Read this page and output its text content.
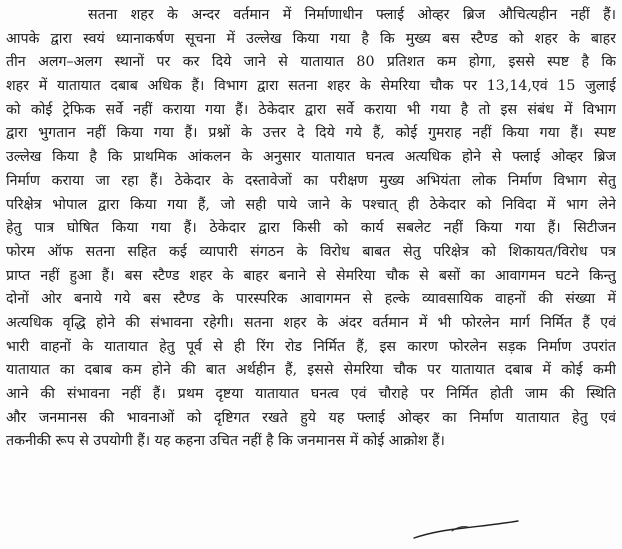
सतना शहर के अन्दर वर्तमान में निर्माणाधीन फ्लाई ओव्हर ब्रिज औचित्यहीन नहीं हैं।
आपके द्वारा स्वयं ध्यानाकर्षण सूचना में उल्लेख किया गया है कि मुख्य बस स्टैण्ड को शहर के बाहर
तीन अलग–अलग स्थानों पर कर दिये जाने से यातायात 80 प्रतिशत कम होगा, इससे स्पष्ट है कि
शहर में यातायात दबाब अधिक हैं। विभाग द्वारा सतना शहर के सेमरिया चौक पर 13,14,एवं 15 जुलाई
को कोई ट्रेफिक सर्वे नहीं कराया गया हैं। ठेकेदार द्वारा सर्वे कराया भी गया है तो इस संबंध में विभाग
द्वारा भुगतान नहीं किया गया हैं। प्रश्नों के उत्तर दे दिये गये हैं, कोई गुमराह नहीं किया गया हैं। स्पष्ट
उल्लेख किया है कि प्राथमिक आंकलन के अनुसार यातायात घनत्व अत्यधिक होने से फ्लाई ओव्हर ब्रिज
निर्माण कराया जा रहा हैं। ठेकेदार के दस्तावेजों का परीक्षण मुख्य अभियंता लोक निर्माण विभाग सेतु
परिक्षेत्र भोपाल द्वारा किया गया हैं, जो सही पाये जाने के पश्चात् ही ठेकेदार को निविदा में भाग लेने
हेतु पात्र घोषित किया गया हैं। ठेकेदार द्वारा किसी को कार्य सबलेट नहीं किया गया हैं। सिटीजन
फोरम ऑफ सतना सहित कई व्यापारी संगठन के विरोध बाबत सेतु परिक्षेत्र को शिकायत/विरोध पत्र
प्राप्त नहीं हुआ हैं। बस स्टैण्ड शहर के बाहर बनाने से सेमरिया चौक से बसों का आवागमन घटने किन्तु
दोनों ओर बनाये गये बस स्टैण्ड के पारस्परिक आवागमन से हल्के व्यावसायिक वाहनों की संख्या में
अत्यधिक वृद्धि होने की संभावना रहेगी। सतना शहर के अंदर वर्तमान में भी फोरलेन मार्ग निर्मित हैं एवं
भारी वाहनों के यातायात हेतु पूर्व से ही रिंग रोड निर्मित हैं, इस कारण फोरलेन सड़क निर्माण उपरांत
यातायात का दबाब कम होने की बात अर्थहीन हैं, इससे सेमरिया चौक पर यातायात दबाब में कोई कमी
आने की संभावना नहीं हैं। प्रथम दृष्टया यातायात घनत्व एवं चौराहे पर निर्मित होती जाम की स्थिति
और जनमानस की भावनाओं को दृष्टिगत रखते हुये यह फ्लाई ओव्हर का निर्माण यातायात हेतु एवं
तकनीकी रूप से उपयोगी हैं। यह कहना उचित नहीं है कि जनमानस में कोई आक्रोश हैं।
